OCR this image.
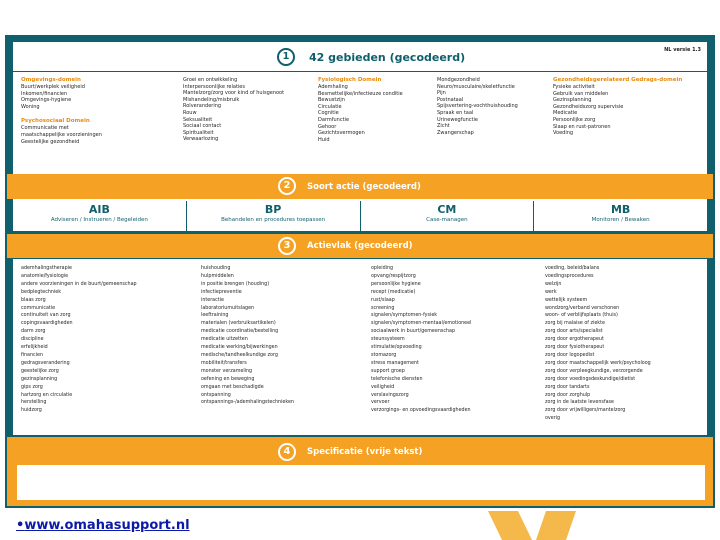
1	42 gebieden (gecodeerd)
NL versie 1.3
Omgevings-domein
Buurt/werkplek veiligheid
Inkomen/financien
Omgevings-hygiene
Woning
Psychosociaal Domein
Communicatie met
maatschappelijke voorzieningen
Geestelijke gezondheid
Groei en ontwikkeling
Interpersoonlijke relaties
Mantelzorg/zorg voor kind of huisgenoot
Mishandeling/misbruik
Rolverandering
Rouw
Seksualiteit
Sociaal contact
Spiritualiteit
Verwaarlozing
Fysiologisch Domein
Ademhaling
Besmettelijke/infectieuze conditie
Bewustzijn
Circulatie
Cognitie
Darmfunctie
Gehoor
Gezichtsvermogen
Huid
Mondgezondheid
Neuro/musculaire/skeletfunctie
Pijn
Postnataal
Spijsvertering-vochthuishouding
Spraak en taal
Urinewegfunctie
Zicht
Zwangerschap
Gezondheidsgerelateerd Gedrags-domein
Fysieke activiteit
Gebruik van middelen
Gezinsplanning
Gezondheidszorg supervisie
Medicatie
Persoonlijke zorg
Slaap en rust-patronen
Voeding
2	Soort actie (gecodeerd)
AIB
Adviseren / Instrueren / Begeleiden
BP
Behandelen en procedures toepassen
CM
Case-managen
MB
Monitoren / Bewaken
3	Actievlak (gecodeerd)
ademhalingstherapie
anatomie/fysiologie
andere voorzieningen in de buurt/gemeenschap
bedplegtechniek
blaas zorg
communicatie
continuiteit van zorg
copingsvaardigheden
darm zorg
discipline
erfelijkheid
financien
gedragsverandering
geestelijke zorg
gezinsplanning
gips zorg
hartzorg en circulatie
herstelling
huidzorg
huishouding
hulpmiddelen
in positie brengen (houding)
infectiepreventie
interactie
laboratoriumuitslagen
leeftraining
materialen (verbruiksartikelen)
medicatie coordinatie/bestelling
medicatie uitzetten
medicatie werking/bijwerkingen
medische/tandheelkundige zorg
mobiliteit/transfers
monster verzameling
oefening en beweging
omgaan met beschadigde
ontspanning
ontspannings-/ademhalingstechnieken
opleiding
opvang/respijtzorg
persoonlijke hygiene
recept (medicatie)
rust/slaap
screening
signalen/symptomen-fysiek
signalen/symptomen-mentaal/emotioneel
sociaalwerk in buurt/gemeenschap
steunsysteem
stimulatie/opvoeding
stomazorg
stress management
support groep
telefonische diensten
veiligheid
verslavingszorg
vervoer
verzorgings- en opvoedingsvaardigheden
voeding, beleid/balans
voedingsprocedures
welzijn
werk
wettelijk systeem
wondzorg/verband verschonen
woon- of verblijfsplaats (thuis)
zorg bij malaise of ziekte
zorg door arts/specialist
zorg door ergotherapeut
zorg door fysiotherapeut
zorg door logopedist
zorg door maatschappelijk werk/psycholoog
zorg door verpleegkundige, verzorgende
zorg door voedingsdeskundige/dietist
zorg door tandarts
zorg door zorghulp
zorg in de laatste levensfase
zorg door vrijwilligers/mantelzorg
overig
4	Specificatie (vrije tekst)
•www.omahasupport.nl
